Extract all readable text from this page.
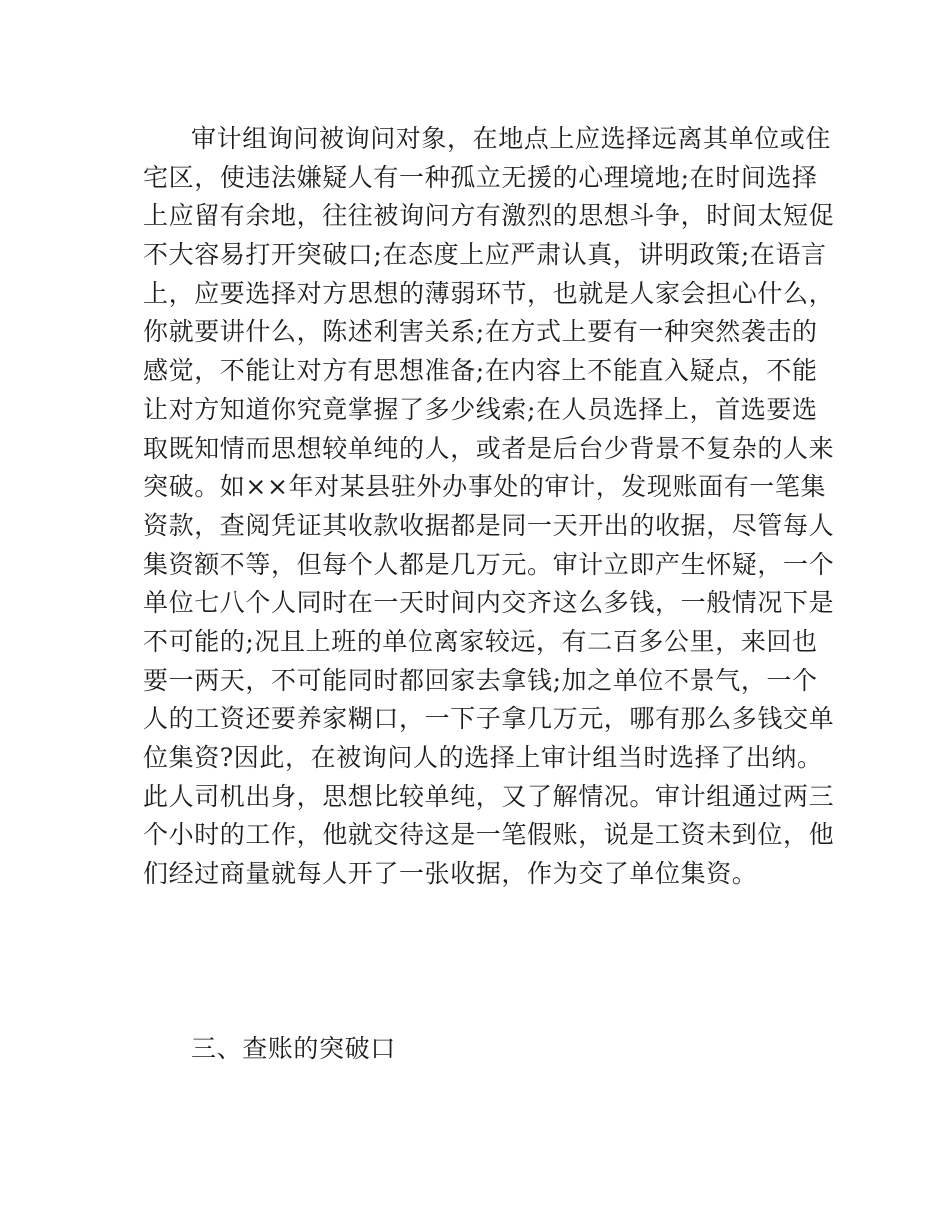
审计组询问被询问对象，在地点上应选择远离其单位或住
宅区，使违法嫌疑人有一种孤立无援的心理境地;在时间选择
上应留有余地，往往被询问方有激烈的思想斗争，时间太短促
不大容易打开突破口;在态度上应严肃认真，讲明政策;在语言
上，应要选择对方思想的薄弱环节，也就是人家会担心什么，
你就要讲什么，陈述利害关系;在方式上要有一种突然袭击的
感觉，不能让对方有思想准备;在内容上不能直入疑点，不能
让对方知道你究竟掌握了多少线索;在人员选择上，首选要选
取既知情而思想较单纯的人，或者是后台少背景不复杂的人来
突破。如××年对某县驻外办事处的审计，发现账面有一笔集
资款，查阅凭证其收款收据都是同一天开出的收据，尽管每人
集资额不等，但每个人都是几万元。审计立即产生怀疑，一个
单位七八个人同时在一天时间内交齐这么多钱，一般情况下是
不可能的;况且上班的单位离家较远，有二百多公里，来回也
要一两天，不可能同时都回家去拿钱;加之单位不景气，一个
人的工资还要养家糊口，一下子拿几万元，哪有那么多钱交单
位集资?因此，在被询问人的选择上审计组当时选择了出纳。
此人司机出身，思想比较单纯，又了解情况。审计组通过两三
个小时的工作，他就交待这是一笔假账，说是工资未到位，他
们经过商量就每人开了一张收据，作为交了单位集资。
三、查账的突破口
